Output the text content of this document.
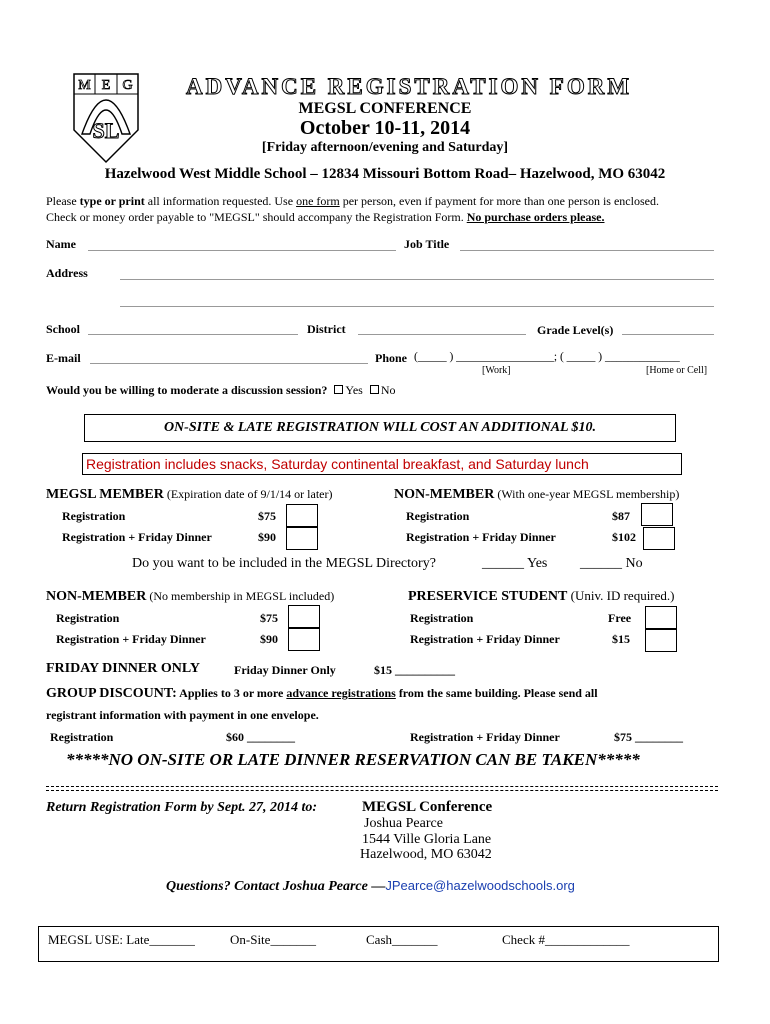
M E G
SL
ADVANCE REGISTRATION FORM
MEGSL CONFERENCE
October 10-11, 2014
[Friday afternoon/evening and Saturday]
Hazelwood West Middle School – 12834 Missouri Bottom Road– Hazelwood, MO 63042
Please type or print all information requested. Use one form per person, even if payment for more than one person is enclosed.
Check or money order payable to "MEGSL" should accompany the Registration Form. No purchase orders please.
Name	Job Title
Address
School	District	Grade Level(s)
E-mail	Phone (_____ ) _________________; ( _____ ) _____________
[Work]	[Home or Cell]
Would you be willing to moderate a discussion session? Yes No
ON-SITE & LATE REGISTRATION WILL COST AN ADDITIONAL $10.
Registration includes snacks, Saturday continental breakfast, and Saturday lunch
MEGSL MEMBER (Expiration date of 9/1/14 or later)
Registration	$75
Registration + Friday Dinner	$90
NON-MEMBER (With one-year MEGSL membership)
Registration	$87
Registration + Friday Dinner	$102
Do you want to be included in the MEGSL Directory?	______ Yes ______ No
NON-MEMBER (No membership in MEGSL included)
Registration	$75
Registration + Friday Dinner	$90
PRESERVICE STUDENT (Univ. ID required.)
Registration	Free
Registration + Friday Dinner	$15
FRIDAY DINNER ONLY	Friday Dinner Only	$15 __________
GROUP DISCOUNT: Applies to 3 or more advance registrations from the same building. Please send all
registrant information with payment in one envelope.
Registration	$60 ________	Registration + Friday Dinner	$75 ________
*****NO ON-SITE OR LATE DINNER RESERVATION CAN BE TAKEN*****
Return Registration Form by Sept. 27, 2014 to:	MEGSL Conference
Joshua Pearce
1544 Ville Gloria Lane
Hazelwood, MO 63042
Questions? Contact Joshua Pearce —JPearce@hazelwoodschools.org
MEGSL USE: Late_______	On-Site_______	Cash_______	Check #_____________
